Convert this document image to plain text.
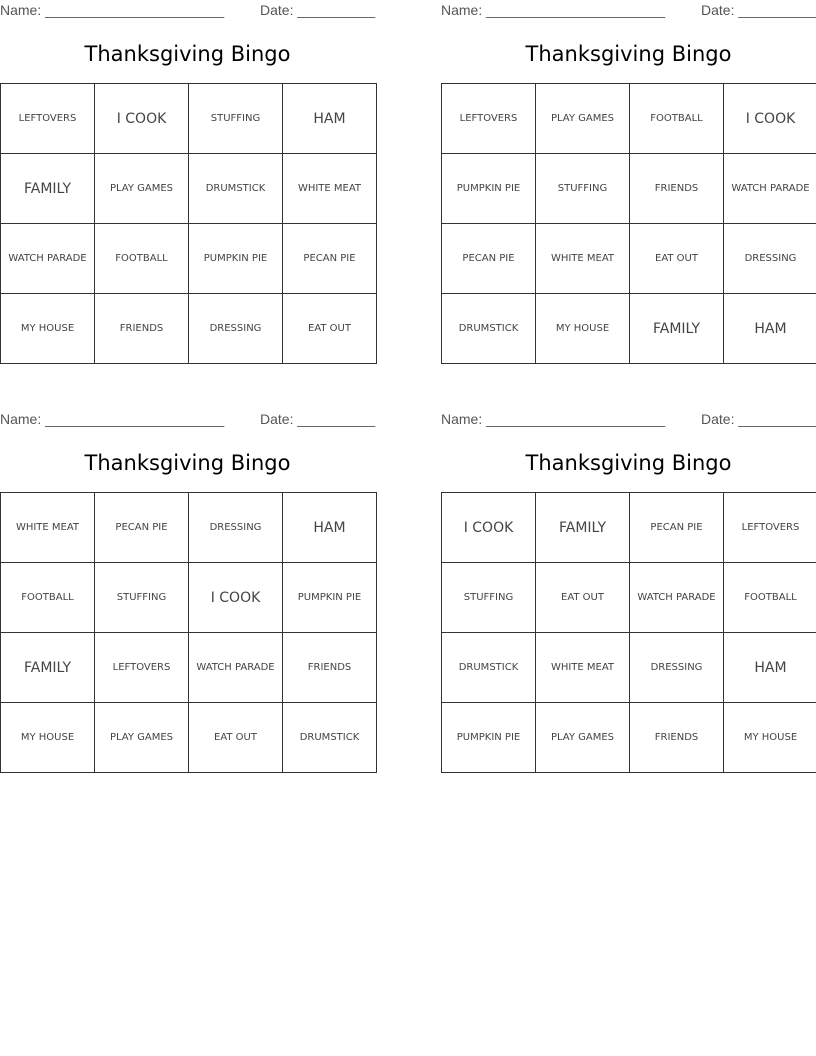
Name: _______________________	Date: __________
Thanksgiving Bingo
LEFTOVERS	I COOK	STUFFING	HAM
FAMILY	PLAY GAMES	DRUMSTICK	WHITE MEAT
WATCH PARADE	FOOTBALL	PUMPKIN PIE	PECAN PIE
MY HOUSE	FRIENDS	DRESSING	EAT OUT
Name: _______________________	Date: __________
Thanksgiving Bingo
LEFTOVERS	PLAY GAMES	FOOTBALL	I COOK
PUMPKIN PIE	STUFFING	FRIENDS	WATCH PARADE
PECAN PIE	WHITE MEAT	EAT OUT	DRESSING
DRUMSTICK	MY HOUSE	FAMILY	HAM
Name: _______________________	Date: __________
Thanksgiving Bingo
WHITE MEAT	PECAN PIE	DRESSING	HAM
FOOTBALL	STUFFING	I COOK	PUMPKIN PIE
FAMILY	LEFTOVERS	WATCH PARADE	FRIENDS
MY HOUSE	PLAY GAMES	EAT OUT	DRUMSTICK
Name: _______________________	Date: __________
Thanksgiving Bingo
I COOK	FAMILY	PECAN PIE	LEFTOVERS
STUFFING	EAT OUT	WATCH PARADE	FOOTBALL
DRUMSTICK	WHITE MEAT	DRESSING	HAM
PUMPKIN PIE	PLAY GAMES	FRIENDS	MY HOUSE
